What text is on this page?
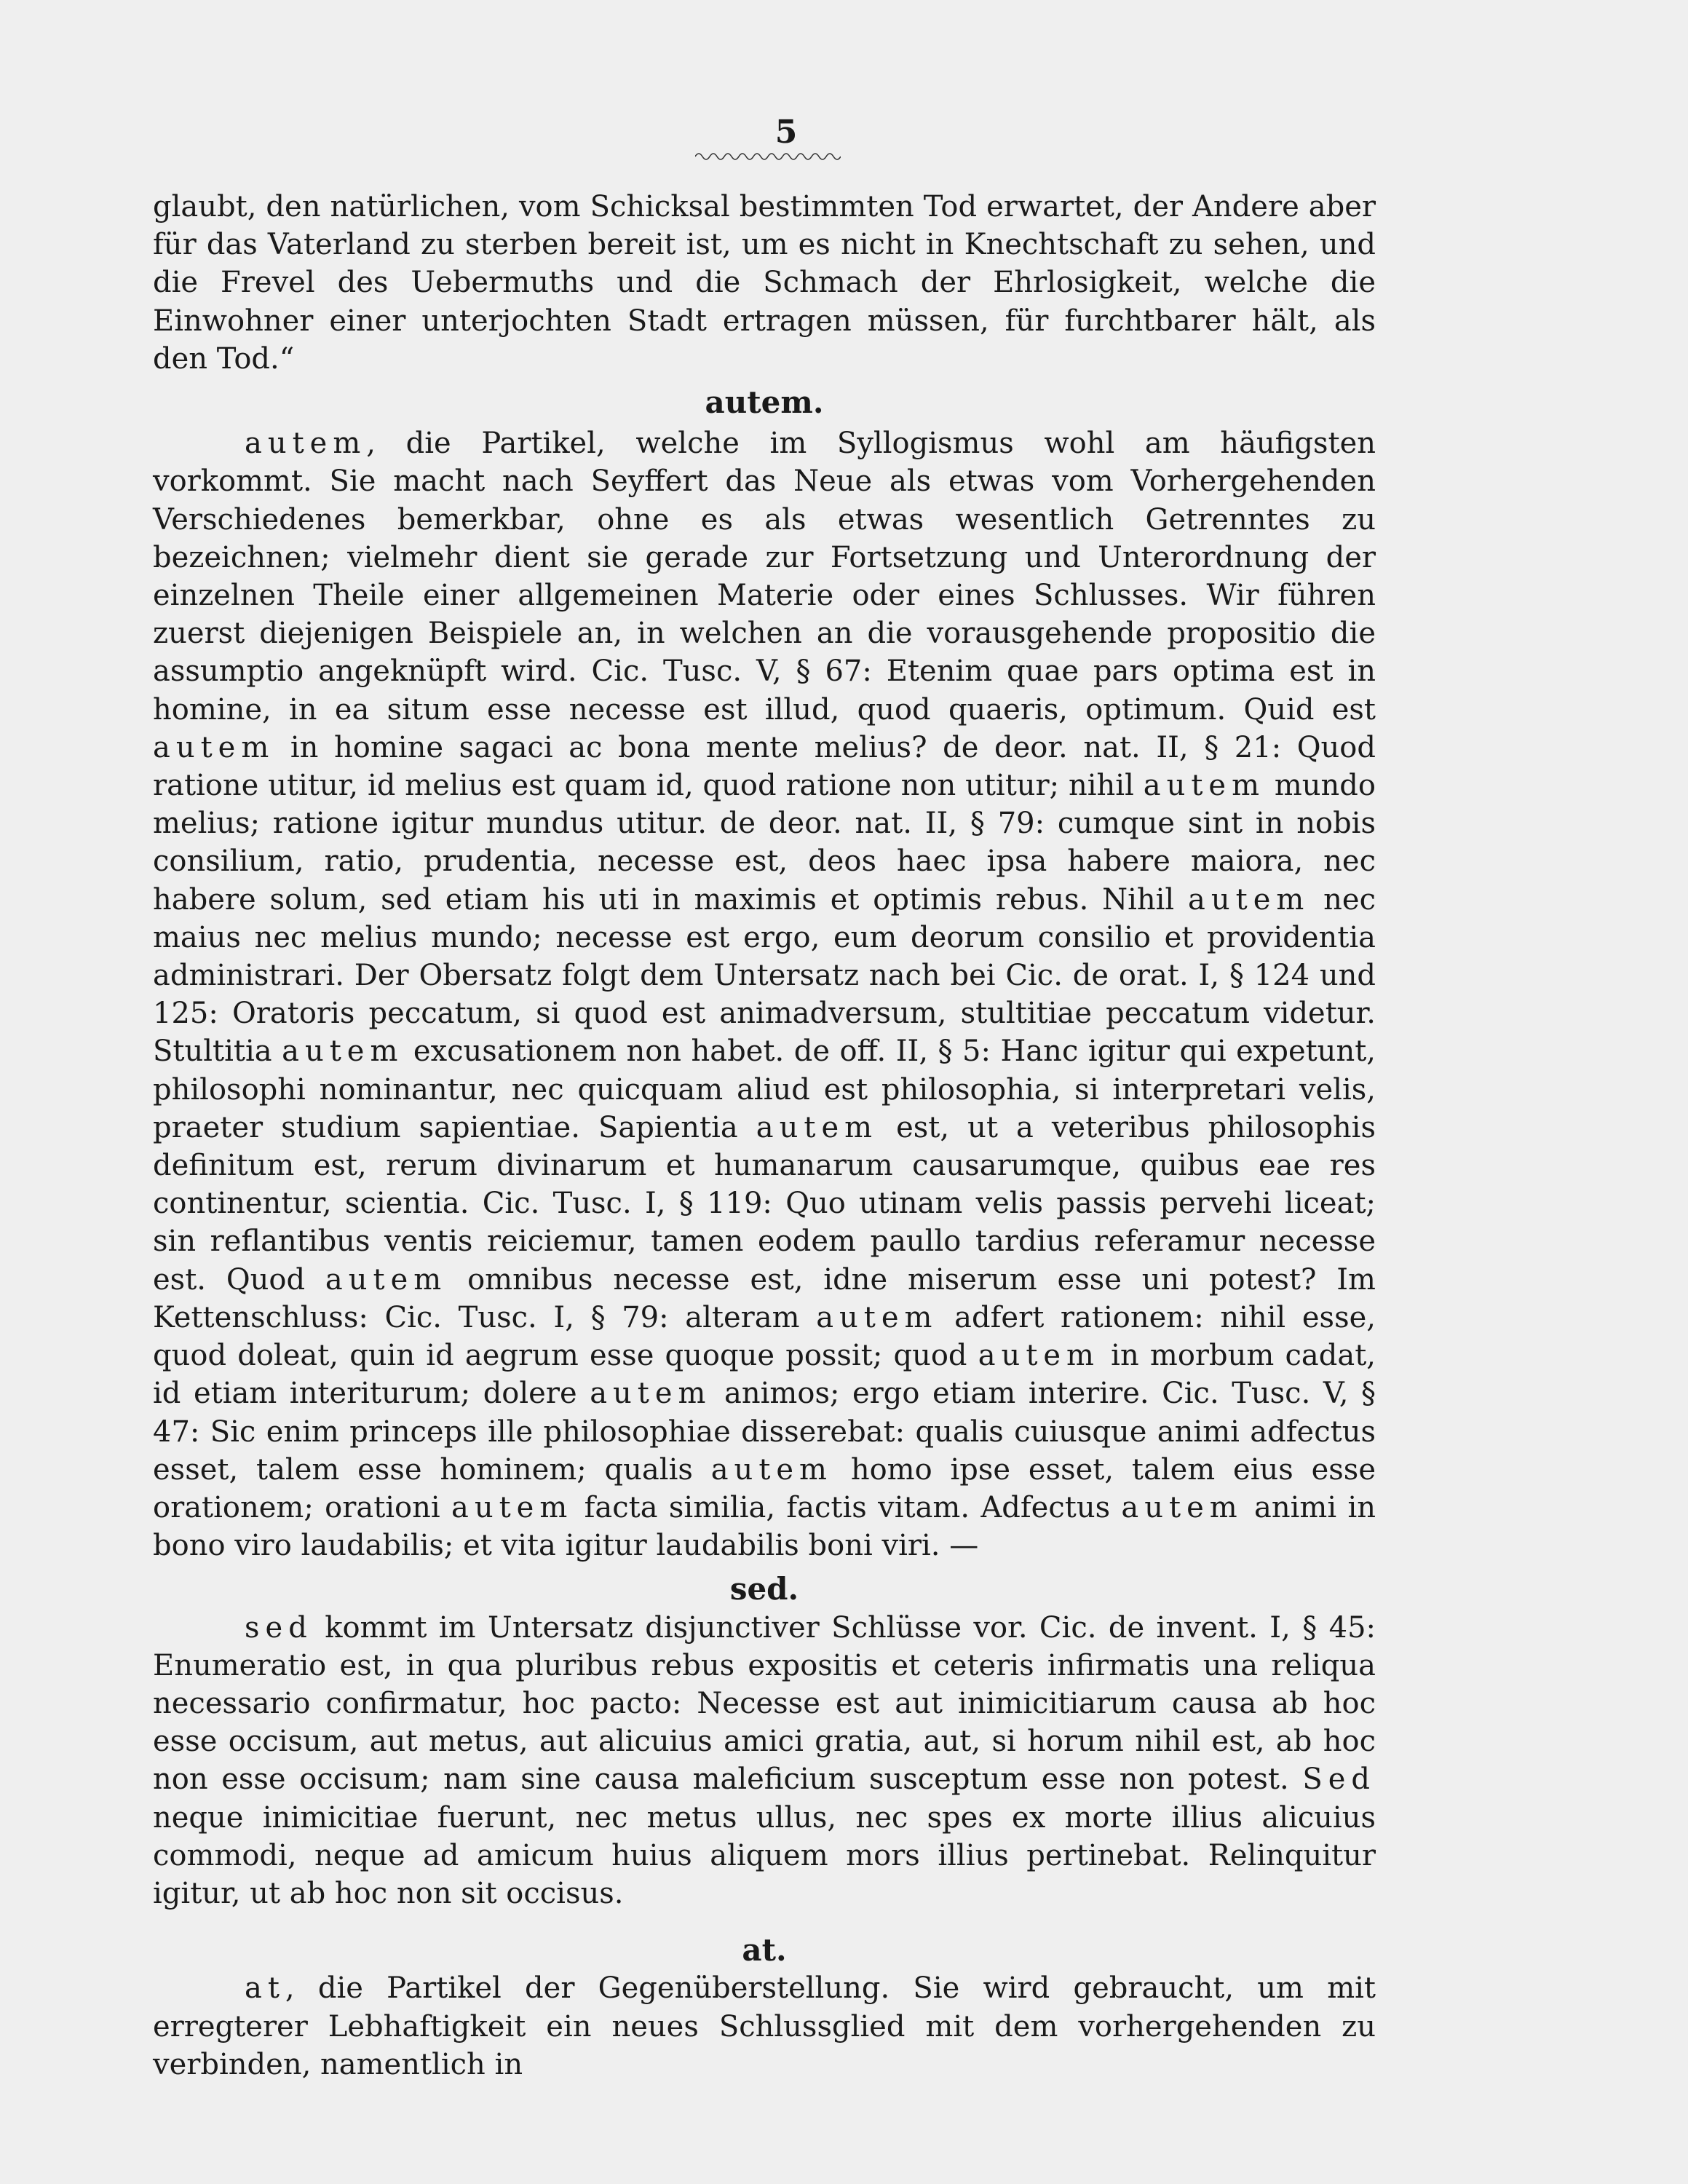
5

glaubt, den natürlichen, vom Schicksal bestimmten Tod erwartet, der Andere aber für das Vaterland zu sterben bereit ist, um es nicht in Knechtschaft zu sehen, und die Frevel des Uebermuths und die Schmach der Ehrlosigkeit, welche die Einwohner einer unterjochten Stadt ertragen müssen, für furchtbarer hält, als den Tod.“

autem.

autem, die Partikel, welche im Syllogismus wohl am häufigsten vorkommt. Sie macht nach Seyffert das Neue als etwas vom Vorhergehenden Verschiedenes bemerkbar, ohne es als etwas wesentlich Getrenntes zu bezeichnen; vielmehr dient sie gerade zur Fortsetzung und Unterordnung der einzelnen Theile einer allgemeinen Materie oder eines Schlusses. Wir führen zuerst diejenigen Beispiele an, in welchen an die vorausgehende propositio die assumptio angeknüpft wird. Cic. Tusc. V, § 67: Etenim quae pars optima est in homine, in ea situm esse necesse est illud, quod quaeris, optimum. Quid est autem in homine sagaci ac bona mente melius? de deor. nat. II, § 21: Quod ratione utitur, id melius est quam id, quod ratione non utitur; nihil autem mundo melius; ratione igitur mundus utitur. de deor. nat. II, § 79: cumque sint in nobis consilium, ratio, prudentia, necesse est, deos haec ipsa habere maiora, nec habere solum, sed etiam his uti in maximis et optimis rebus. Nihil autem nec maius nec melius mundo; necesse est ergo, eum deorum consilio et providentia administrari. Der Obersatz folgt dem Untersatz nach bei Cic. de orat. I, § 124 und 125: Oratoris peccatum, si quod est animadversum, stultitiae peccatum videtur. Stultitia autem excusationem non habet. de off. II, § 5: Hanc igitur qui expetunt, philosophi nominantur, nec quicquam aliud est philosophia, si interpretari velis, praeter studium sapientiae. Sapientia autem est, ut a veteribus philosophis definitum est, rerum divinarum et humanarum causarumque, quibus eae res continentur, scientia. Cic. Tusc. I, § 119: Quo utinam velis passis pervehi liceat; sin reflantibus ventis reiciemur, tamen eodem paullo tardius referamur necesse est. Quod autem omnibus necesse est, idne miserum esse uni potest? Im Kettenschluss: Cic. Tusc. I, § 79: alteram autem adfert rationem: nihil esse, quod doleat, quin id aegrum esse quoque possit; quod autem in morbum cadat, id etiam interiturum; dolere autem animos; ergo etiam interire. Cic. Tusc. V, § 47: Sic enim princeps ille philosophiae disserebat: qualis cuiusque animi adfectus esset, talem esse hominem; qualis autem homo ipse esset, talem eius esse orationem; orationi autem facta similia, factis vitam. Adfectus autem animi in bono viro laudabilis; et vita igitur laudabilis boni viri. —

sed.

sed kommt im Untersatz disjunctiver Schlüsse vor. Cic. de invent. I, § 45: Enumeratio est, in qua pluribus rebus expositis et ceteris infirmatis una reliqua necessario confirmatur, hoc pacto: Necesse est aut inimicitiarum causa ab hoc esse occisum, aut metus, aut alicuius amici gratia, aut, si horum nihil est, ab hoc non esse occisum; nam sine causa maleficium susceptum esse non potest. Sed neque inimicitiae fuerunt, nec metus ullus, nec spes ex morte illius alicuius commodi, neque ad amicum huius aliquem mors illius pertinebat. Relinquitur igitur, ut ab hoc non sit occisus.

at.

at, die Partikel der Gegenüberstellung. Sie wird gebraucht, um mit erregterer Lebhaftigkeit ein neues Schlussglied mit dem vorhergehenden zu verbinden, namentlich in
